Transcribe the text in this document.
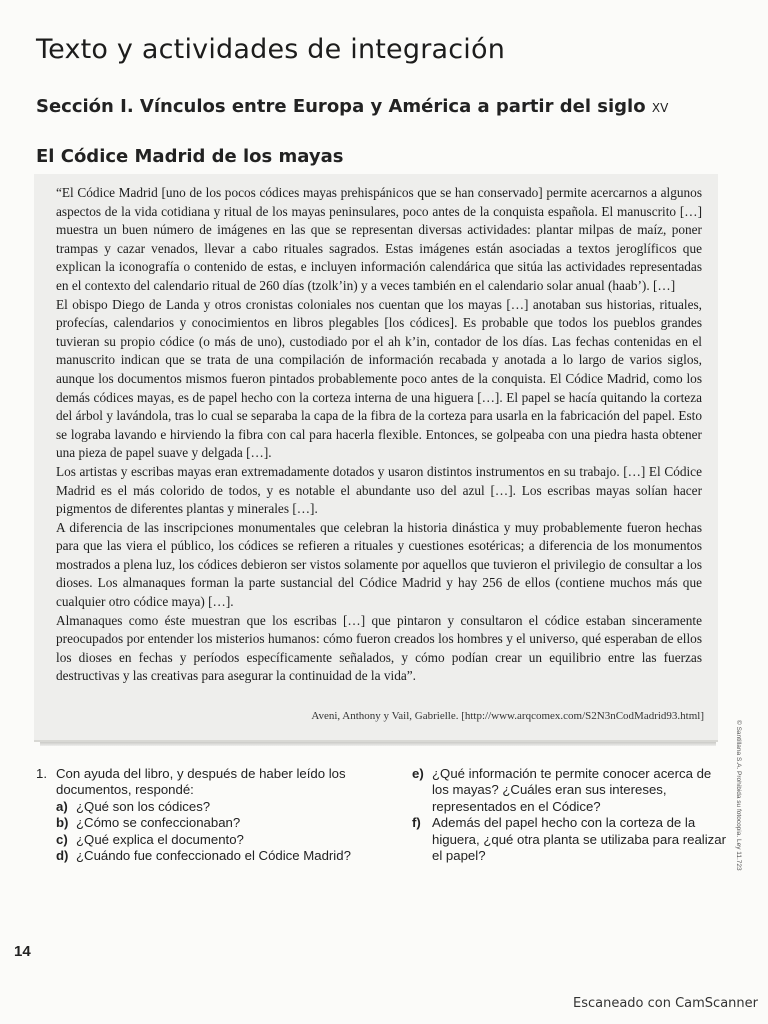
Texto y actividades de integración
Sección I. Vínculos entre Europa y América a partir del siglo xv
El Códice Madrid de los mayas

“El Códice Madrid [uno de los pocos códices mayas prehispánicos que se han conservado] permite acercarnos a algunos aspectos de la vida cotidiana y ritual de los mayas peninsulares, poco antes de la conquista española. El manuscrito […] muestra un buen número de imágenes en las que se representan diversas actividades: plantar milpas de maíz, poner trampas y cazar venados, llevar a cabo rituales sagrados. Estas imágenes están asociadas a textos jeroglíficos que explican la iconografía o contenido de estas, e incluyen información calendárica que sitúa las actividades representadas en el contexto del calendario ritual de 260 días (tzolk’in) y a veces también en el calendario solar anual (haab’). […]

El obispo Diego de Landa y otros cronistas coloniales nos cuentan que los mayas […] anotaban sus historias, rituales, profecías, calendarios y conocimientos en libros plegables [los códices]. Es probable que todos los pueblos grandes tuvieran su propio códice (o más de uno), custodiado por el ah k’in, contador de los días. Las fechas contenidas en el manuscrito indican que se trata de una compilación de información recabada y anotada a lo largo de varios siglos, aunque los documentos mismos fueron pintados probablemente poco antes de la conquista. El Códice Madrid, como los demás códices mayas, es de papel hecho con la corteza interna de una higuera […]. El papel se hacía quitando la corteza del árbol y lavándola, tras lo cual se separaba la capa de la fibra de la corteza para usarla en la fabricación del papel. Esto se lograba lavando e hirviendo la fibra con cal para hacerla flexible. Entonces, se golpeaba con una piedra hasta obtener una pieza de papel suave y delgada […].

Los artistas y escribas mayas eran extremadamente dotados y usaron distintos instrumentos en su trabajo. […] El Códice Madrid es el más colorido de todos, y es notable el abundante uso del azul […]. Los escribas mayas solían hacer pigmentos de diferentes plantas y minerales […].

A diferencia de las inscripciones monumentales que celebran la historia dinástica y muy probablemente fueron hechas para que las viera el público, los códices se refieren a rituales y cuestiones esotéricas; a diferencia de los monumentos mostrados a plena luz, los códices debieron ser vistos solamente por aquellos que tuvieron el privilegio de consultar a los dioses. Los almanaques forman la parte sustancial del Códice Madrid y hay 256 de ellos (contiene muchos más que cualquier otro códice maya) […].

Almanaques como éste muestran que los escribas […] que pintaron y consultaron el códice estaban sinceramente preocupados por entender los misterios humanos: cómo fueron creados los hombres y el universo, qué esperaban de ellos los dioses en fechas y períodos específicamente señalados, y cómo podían crear un equilibrio entre las fuerzas destructivas y las creativas para asegurar la continuidad de la vida”.

Aveni, Anthony y Vail, Gabrielle. [http://www.arqcomex.com/S2N3nCodMadrid93.html]
1. Con ayuda del libro, y después de haber leído los documentos, respondé:
a) ¿Qué son los códices?
b) ¿Cómo se confeccionaban?
c) ¿Qué explica el documento?
d) ¿Cuándo fue confeccionado el Códice Madrid?
e) ¿Qué información te permite conocer acerca de los mayas? ¿Cuáles eran sus intereses, representados en el Códice?
f) Además del papel hecho con la corteza de la higuera, ¿qué otra planta se utilizaba para realizar el papel?	© Santillana S.A. Prohibida su fotocopia. Ley 11.723
14
Escaneado con CamScanner
